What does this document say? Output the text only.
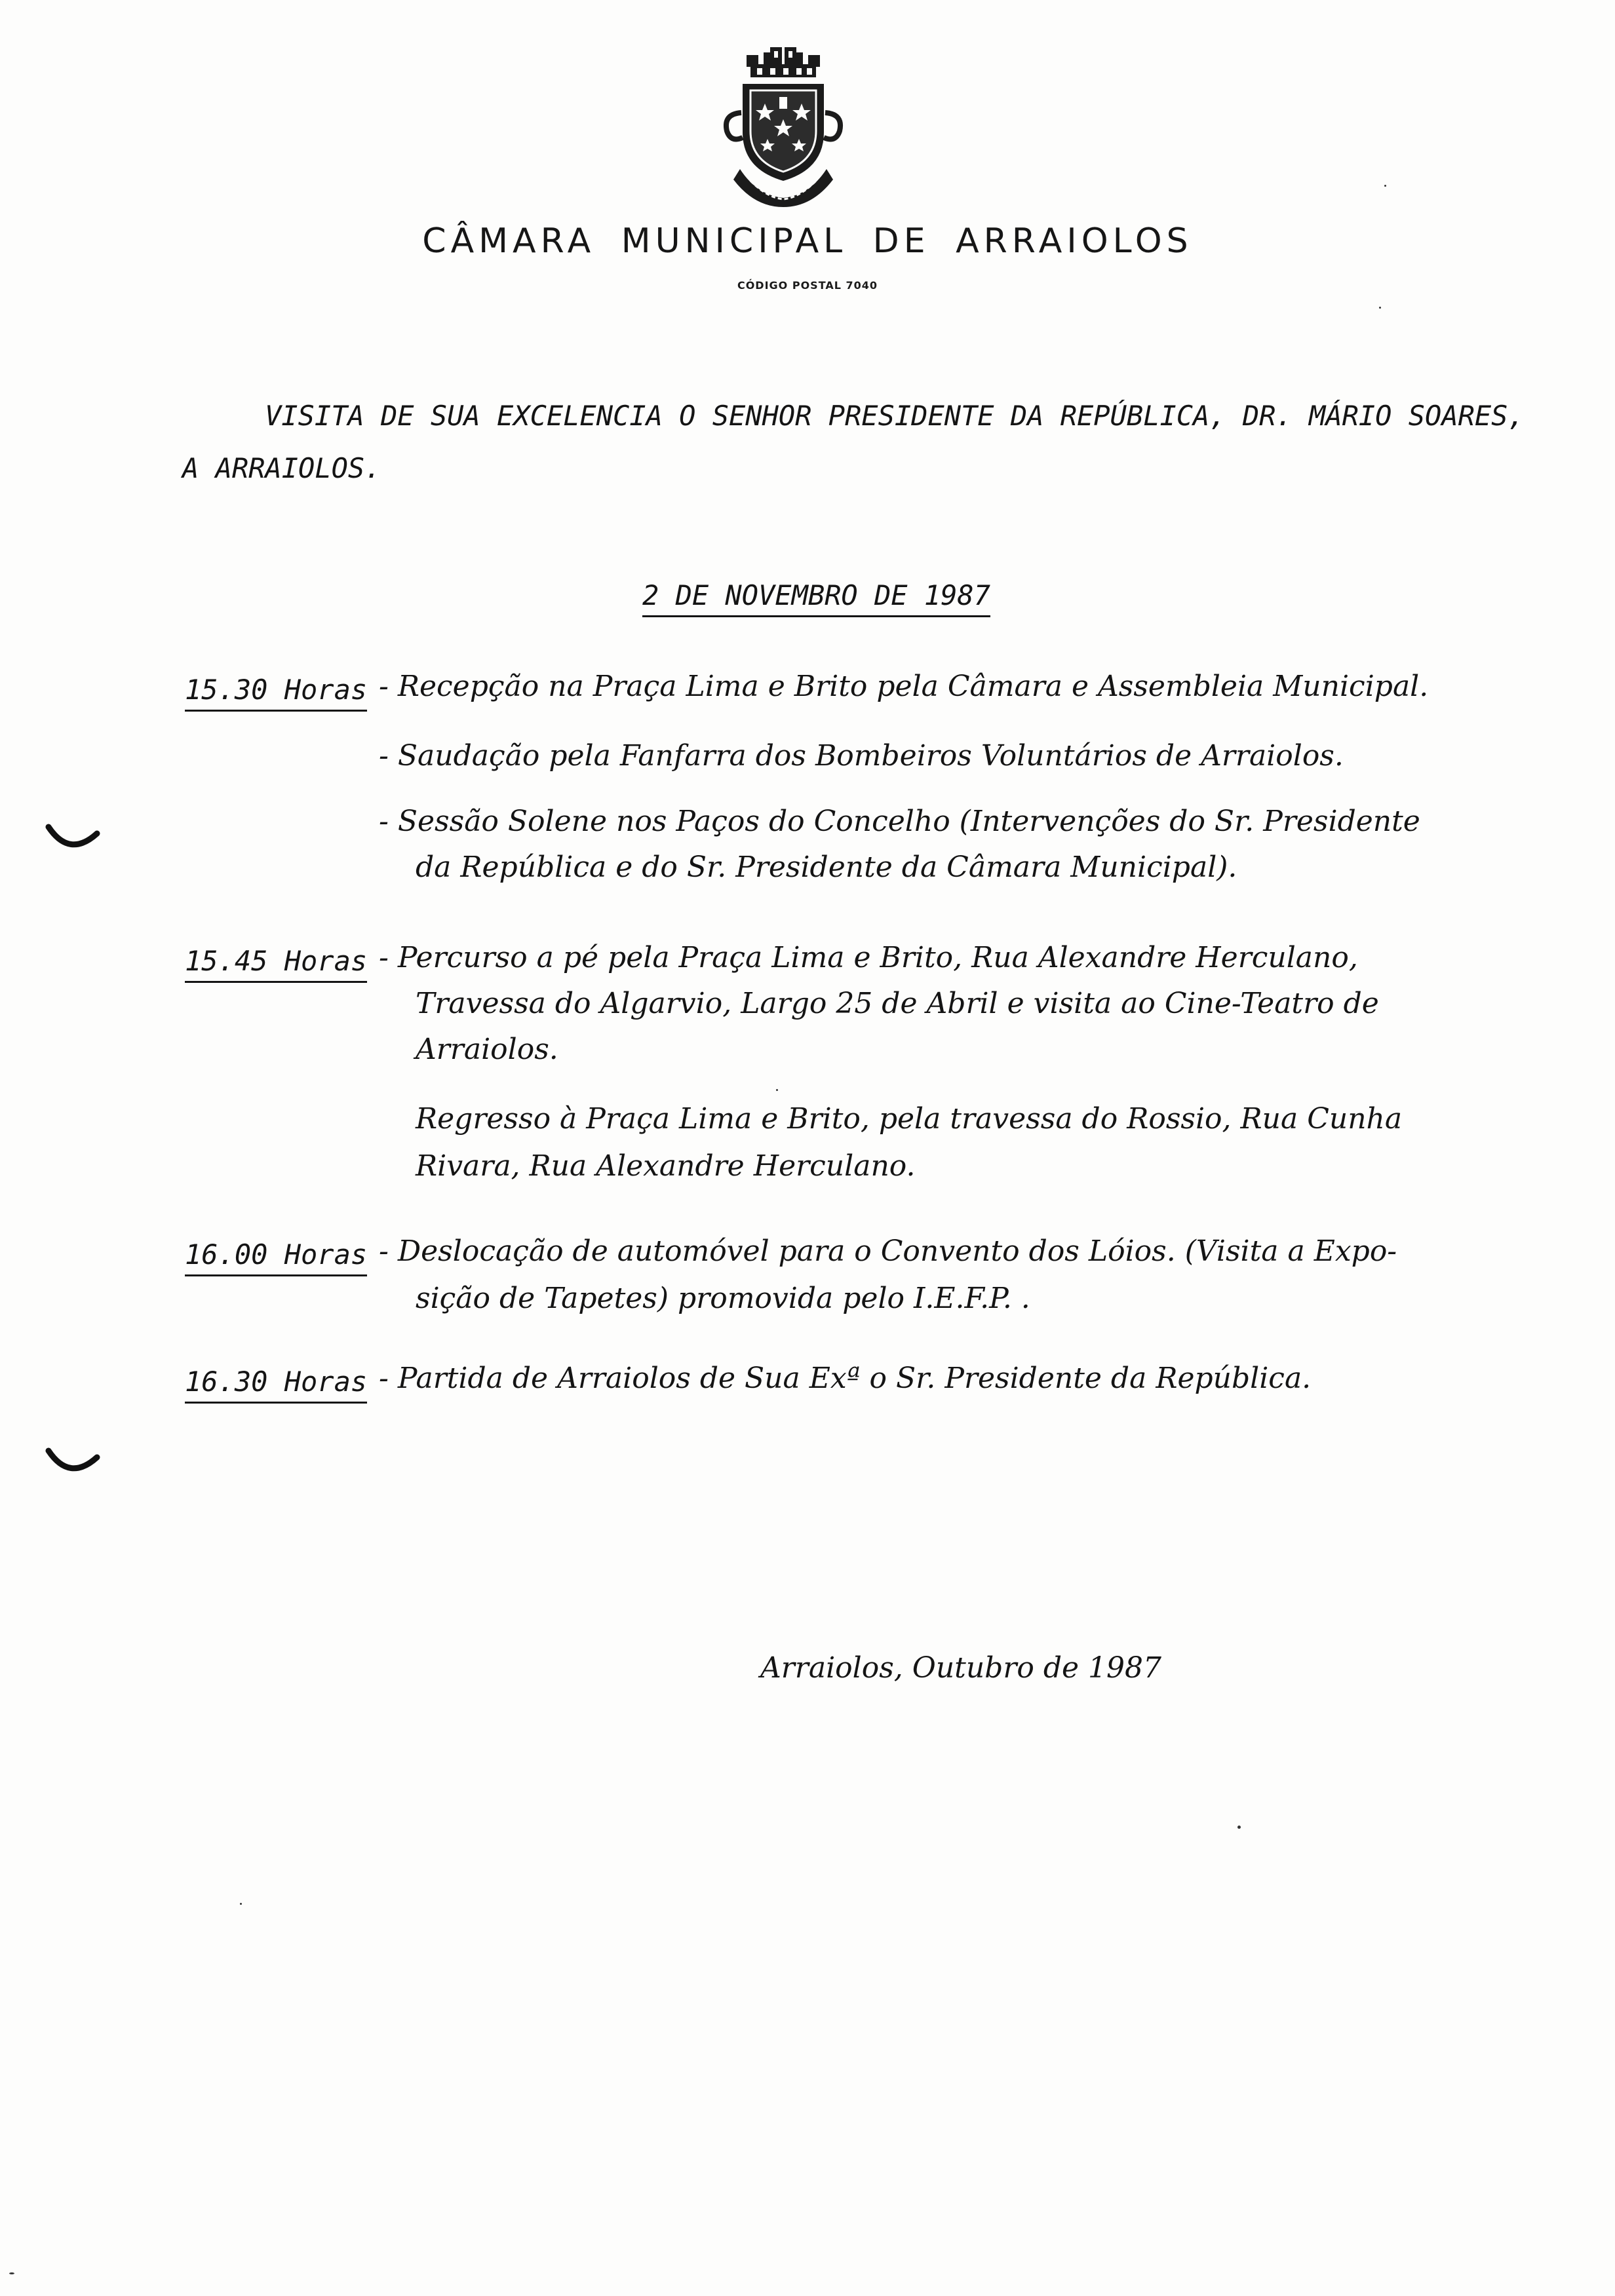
CÂMARA MUNICIPAL DE ARRAIOLOS
CÓDIGO POSTAL 7040
VISITA DE SUA EXCELENCIA O SENHOR PRESIDENTE DA REPÚBLICA, DR. MÁRIO SOARES,
A ARRAIOLOS.
2 DE NOVEMBRO DE 1987
15.30 Horas - Recepção na Praça Lima e Brito pela Câmara e Assembleia Municipal.
- Saudação pela Fanfarra dos Bombeiros Voluntários de Arraiolos.
- Sessão Solene nos Paços do Concelho (Intervenções do Sr. Presidente
da República e do Sr. Presidente da Câmara Municipal).
15.45 Horas - Percurso a pé pela Praça Lima e Brito, Rua Alexandre Herculano,
Travessa do Algarvio, Largo 25 de Abril e visita ao Cine-Teatro de
Arraiolos.
Regresso à Praça Lima e Brito, pela travessa do Rossio, Rua Cunha
Rivara, Rua Alexandre Herculano.
16.00 Horas - Deslocação de automóvel para o Convento dos Lóios. (Visita a Expo-
sição de Tapetes) promovida pelo I.E.F.P. .
16.30 Horas - Partida de Arraiolos de Sua Exª o Sr. Presidente da República.
Arraiolos, Outubro de 1987
